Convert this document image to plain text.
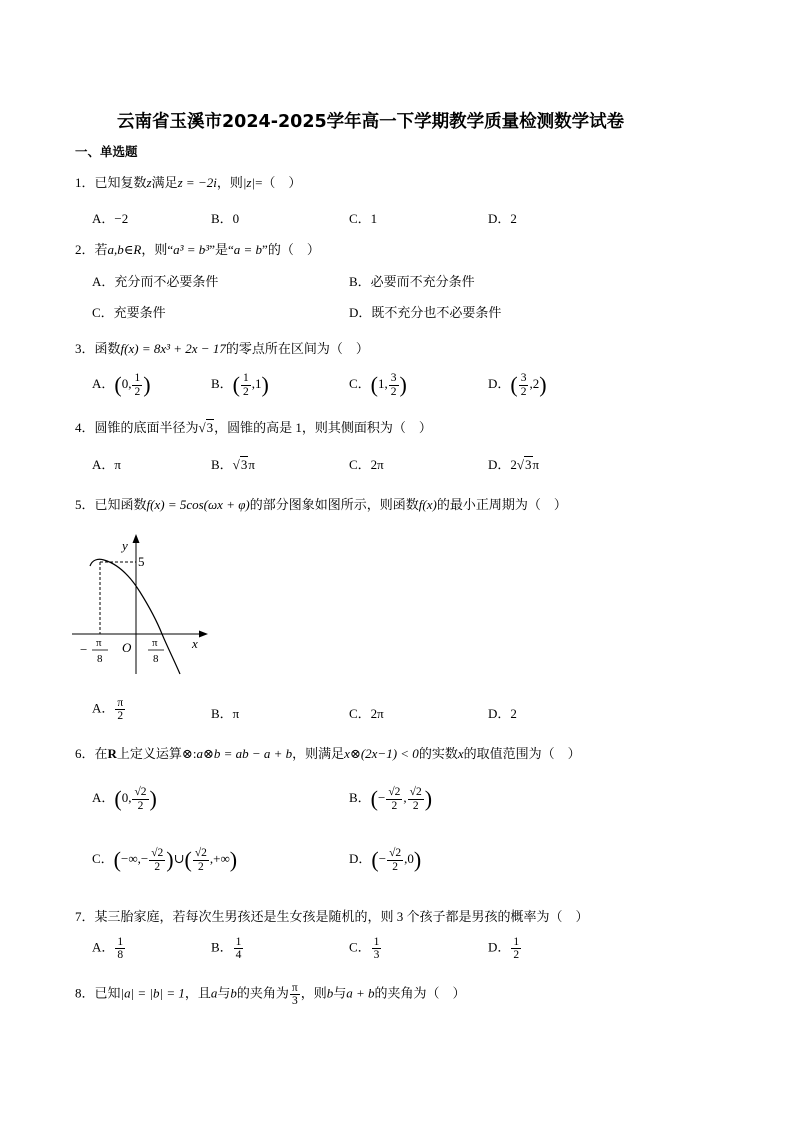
云南省玉溪市2024-2025学年高一下学期教学质量检测数学试卷
一、单选题
1．已知复数z满足z = −2i，则|z|=（　）
A．−2	B．0	C．1	D．2
2．若a,b∈R，则“a³ = b³”是“a = b”的（　）
A．充分而不必要条件	B．必要而不充分条件
C．充要条件	D．既不充分也不必要条件
3．函数f(x) = 8x³ + 2x − 17的零点所在区间为（　）
A．(0, $\frac{1}{2}$ )	B．( $\frac{1}{2} ,1$)	C．(1, $\frac{3}{2}$ )	D．( $\frac{3}{2} ,2$)
4．圆锥的底面半径为√3，圆锥的高是 1，则其侧面积为（　）
A．π	B．√3π	C．2π	D．2√3π
5．已知函数f(x) = 5cos(ωx + φ)的部分图象如图所示，则函数f(x)的最小正周期为（　）
y
x
O
5
− π
8
π
8
A． $\frac{\pi}{2}$	B．π	C．2π	D．2
6．在R上定义运算⊗:a⊗b = ab − a + b，则满足x⊗(2x−1) < 0的实数x的取值范围为（　）
A．(0, $\frac{√2}{2}$ )	B．(− $\frac{√2}{2}$ , $\frac{√2}{2}$ )
C．(−∞,− $\frac{√2}{2}$ )∪( $\frac{√2}{2}$ ,+∞)	D．(− $\frac{√2}{2} ,0$)
7．某三胎家庭，若每次生男孩还是生女孩是随机的，则 3 个孩子都是男孩的概率为（　）
A． $\frac{1}{8}$	B． $\frac{1}{4}$	C． $\frac{1}{3}$	D． $\frac{1}{2}$
8．已知|a| = |b| = 1，且a与b的夹角为 $\frac{\pi}{3}$ ，则b与a + b的夹角为（　）
